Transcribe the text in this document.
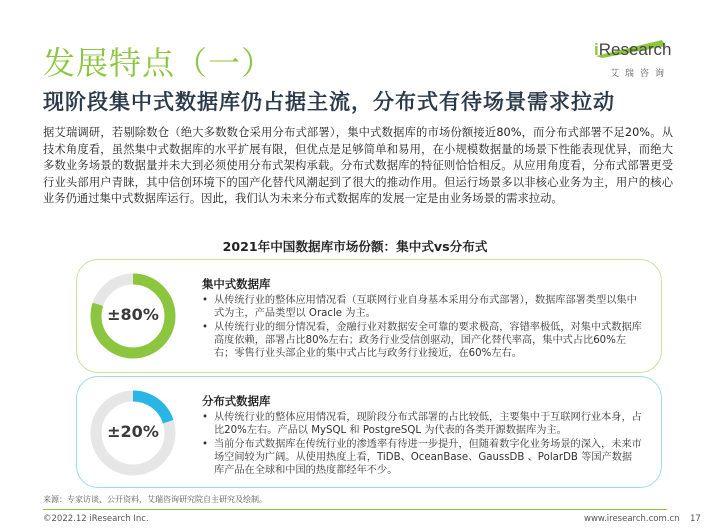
发展特点（一）	iResearch
艾瑞咨询
现阶段集中式数据库仍占据主流，分布式有待场景需求拉动
据艾瑞调研，若剔除数仓（绝大多数数仓采用分布式部署），集中式数据库的市场份额接近80%，而分布式部署不足20%。从技术角度看，虽然集中式数据库的水平扩展有限，但优点是足够简单和易用，在小规模数据量的场景下性能表现优异，而绝大多数业务场景的数据量并未大到必须使用分布式架构承载。分布式数据库的特征则恰恰相反。从应用角度看，分布式部署更受行业头部用户青睐，其中信创环境下的国产化替代风潮起到了很大的推动作用。但运行场景多以非核心业务为主，用户的核心业务仍通过集中式数据库运行。因此，我们认为未来分布式数据库的发展一定是由业务场景的需求拉动。
2021年中国数据库市场份额：集中式vs分布式
±80%
集中式数据库
• 从传统行业的整体应用情况看（互联网行业自身基本采用分布式部署），数据库部署类型以集中式为主，产品类型以 Oracle 为主。
• 从传统行业的细分情况看，金融行业对数据安全可靠的要求极高，容错率极低，对集中式数据库高度依赖，部署占比80%左右；政务行业受信创驱动，国产化替代率高，集中式占比60%左右；零售行业头部企业的集中式占比与政务行业接近，在60%左右。
±20%
分布式数据库
• 从传统行业的整体应用情况看，现阶段分布式部署的占比较低，主要集中于互联网行业本身，占比20%左右。产品以 MySQL 和 PostgreSQL 为代表的各类开源数据库为主。
• 当前分布式数据库在传统行业的渗透率有待进一步提升，但随着数字化业务场景的深入，未来市场空间较为广阔。从使用热度上看，TiDB、OceanBase、GaussDB 、PolarDB 等国产数据库产品在全球和中国的热度都经年不少。
来源：专家访谈、公开资料，艾瑞咨询研究院自主研究及绘制。
©2022.12 iResearch Inc.	www.iresearch.com.cn 17
